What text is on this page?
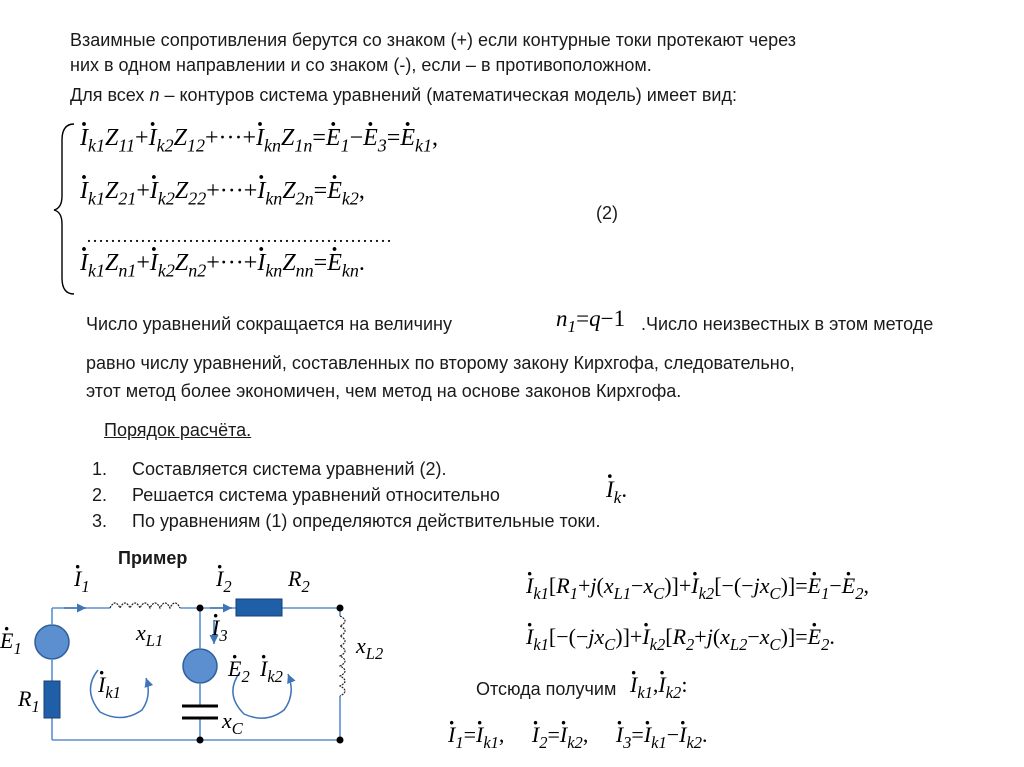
Взаимные сопротивления берутся со знаком (+) если контурные токи протекают через
них в одном направлении и со знаком (-), если – в противоположном.
Для всех n – контуров система уравнений (математическая модель) имеет вид:
· $I_{k1}Z_{11}+\cdot I_{k2}Z_{12}+\cdot\cdot\cdot+\cdot I_{kn}Z_{1n}=\cdot E_1-\cdot E_3=\cdot E_{k1}$,
· $I_{k1}Z_{21}+\cdot I_{k2}Z_{22}+\cdot\cdot\cdot+\cdot I_{kn}Z_{2n}=\cdot E_{k2}$,
……………………………………………
· $I_{k1}Z_{n1}+\cdot I_{k2}Z_{n2}+\cdot\cdot\cdot+\cdot I_{kn}Z_{nn}=\cdot E_{kn}$.
(2)
Число уравнений сокращается на величину	$n_1=q-1$ .Число неизвестных в этом методе
равно числу уравнений, составленных по второму закону Кирхгофа, следовательно,
этот метод более экономичен, чем метод на основе законов Кирхгофа.
Порядок расчёта.
1. Составляется система уравнений (2).
2. Решается система уравнений относительно
3. По уравнениям (1) определяются действительные токи.
· $I_k$.
Пример
· $I_1$
·	$I_2$	$R_2$
$x_{L1}$
· $I_3$	$x_{L2}$
· $E_1$
· $E_2$
· $I_{k2}$
· $I_{k1}$
$R_1$
$x_C$
· $I_{k1}[R_1+j(x_{L1}-x_C)]+\cdot I_{k2}[-(-jx_C)]=\cdot E_1-\cdot E_2$,
· $I_{k1}[-(-jx_C)]+\cdot I_{k2}[R_2+j(x_{L2}-x_C)]=\cdot E_2$.
Отсюда получим
· $I_{k1},\cdot I_{k2}$:
· $I_1=\cdot I_{k1}$,     · $I_2=\cdot I_{k2}$,     · $I_3=\cdot I_{k1}-\cdot I_{k2}$.
